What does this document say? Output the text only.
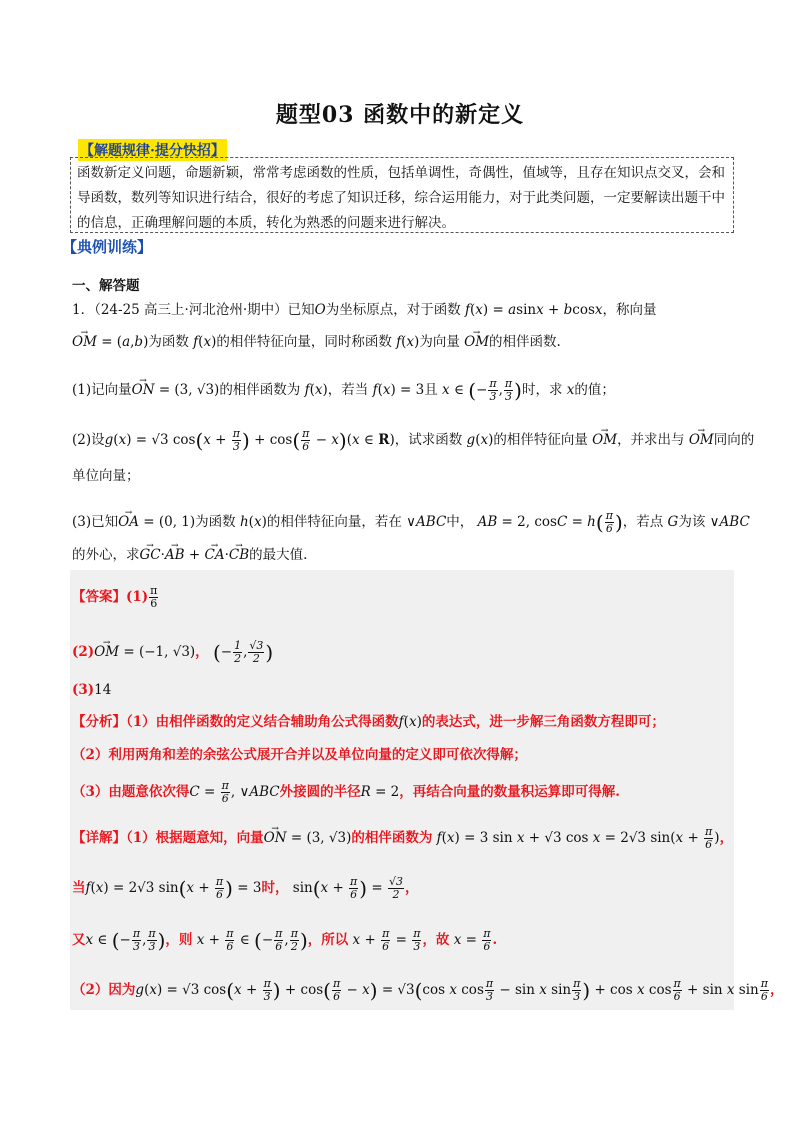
题型03 函数中的新定义
【解题规律·提分快招】
函数新定义问题，命题新颖，常常考虑函数的性质，包括单调性，奇偶性，值域等，且存在知识点交叉，会和导函数，数列等知识进行结合，很好的考虑了知识迁移，综合运用能力，对于此类问题，一定要解读出题干中的信息，正确理解问题的本质，转化为熟悉的问题来进行解决。
【典例训练】
一、解答题
1．（24-25 高三上·河北沧州·期中）已知O为坐标原点，对于函数 f(x) = asinx + bcosx，称向量
→ OM = (a,b)为函数 f(x)的相伴特征向量，同时称函数 f(x)为向量 → OM的相伴函数.
(1)记向量→ ON = (3, √3)的相伴函数为 f(x)，若当 f(x) = 3且 x ∈ (− $\frac{\pi}{3}$ , $\frac{\pi}{3}$ )时，求 x的值；
(2)设g(x) = √3 $\cos(x + \frac{\pi}{3}$ ) + $\cos( \frac{\pi}{6} - x)(x$ ∈ R)，试求函数 g(x)的相伴特征向量 → OM，并求出与 → OM同向的
单位向量；
(3)已知→ OA = (0, 1)为函数 h(x)的相伴特征向量，若在 ∨ABC中， AB = 2, $\cos C = h( \frac{\pi}{6}$ )，若点 G为该 ∨ABC
的外心，求→ GC·→ AB + → CA·→ CB的最大值.
【答案】$(1) \frac{\pi}{6}$
(2)→ OM = (−1, √3)， (− $\frac{1}{2}$ , $\frac{√3}{2}$ )
(3)14
【分析】（1）由相伴函数的定义结合辅助角公式得函数f(x)的表达式，进一步解三角函数方程即可；
（2）利用两角和差的余弦公式展开合并以及单位向量的定义即可依次得解；
（3）由题意依次得$C = \frac{\pi}{6}$ , ∨ABC外接圆的半径R = 2，再结合向量的数量积运算即可得解.
【详解】（1）根据题意知，向量→ ON = (3, √3)的相伴函数为 f(x) = 3 sin x + √3 cos x = 2√3 $\sin(x + \frac{\pi}{6}$ )，
当f(x) = 2√3 $\sin(x + \frac{\pi}{6}$ ) = 3时， $\sin(x + \frac{\pi}{6}$ ) = $\frac{√3}{2}$ ，
又x ∈ (− $\frac{\pi}{3}$ , $\frac{\pi}{3}$ )，则 $x + \frac{\pi}{6}$ ∈ (− $\frac{\pi}{6}$ , $\frac{\pi}{2}$ )，所以 $x + \frac{\pi}{6} = \frac{\pi}{3}$ ，故 $x = \frac{\pi}{6}$ .
（2）因为g(x) = √3 $\cos(x + \frac{\pi}{3}$ ) + $\cos( \frac{\pi}{6} - x) = √3(\cos$ x $\cos \frac{\pi}{3} - \sin x$ $\sin \frac{\pi}{3}$ ) + cos x $\cos \frac{\pi}{6} + \sin x$ $\sin \frac{\pi}{6}$ ，
